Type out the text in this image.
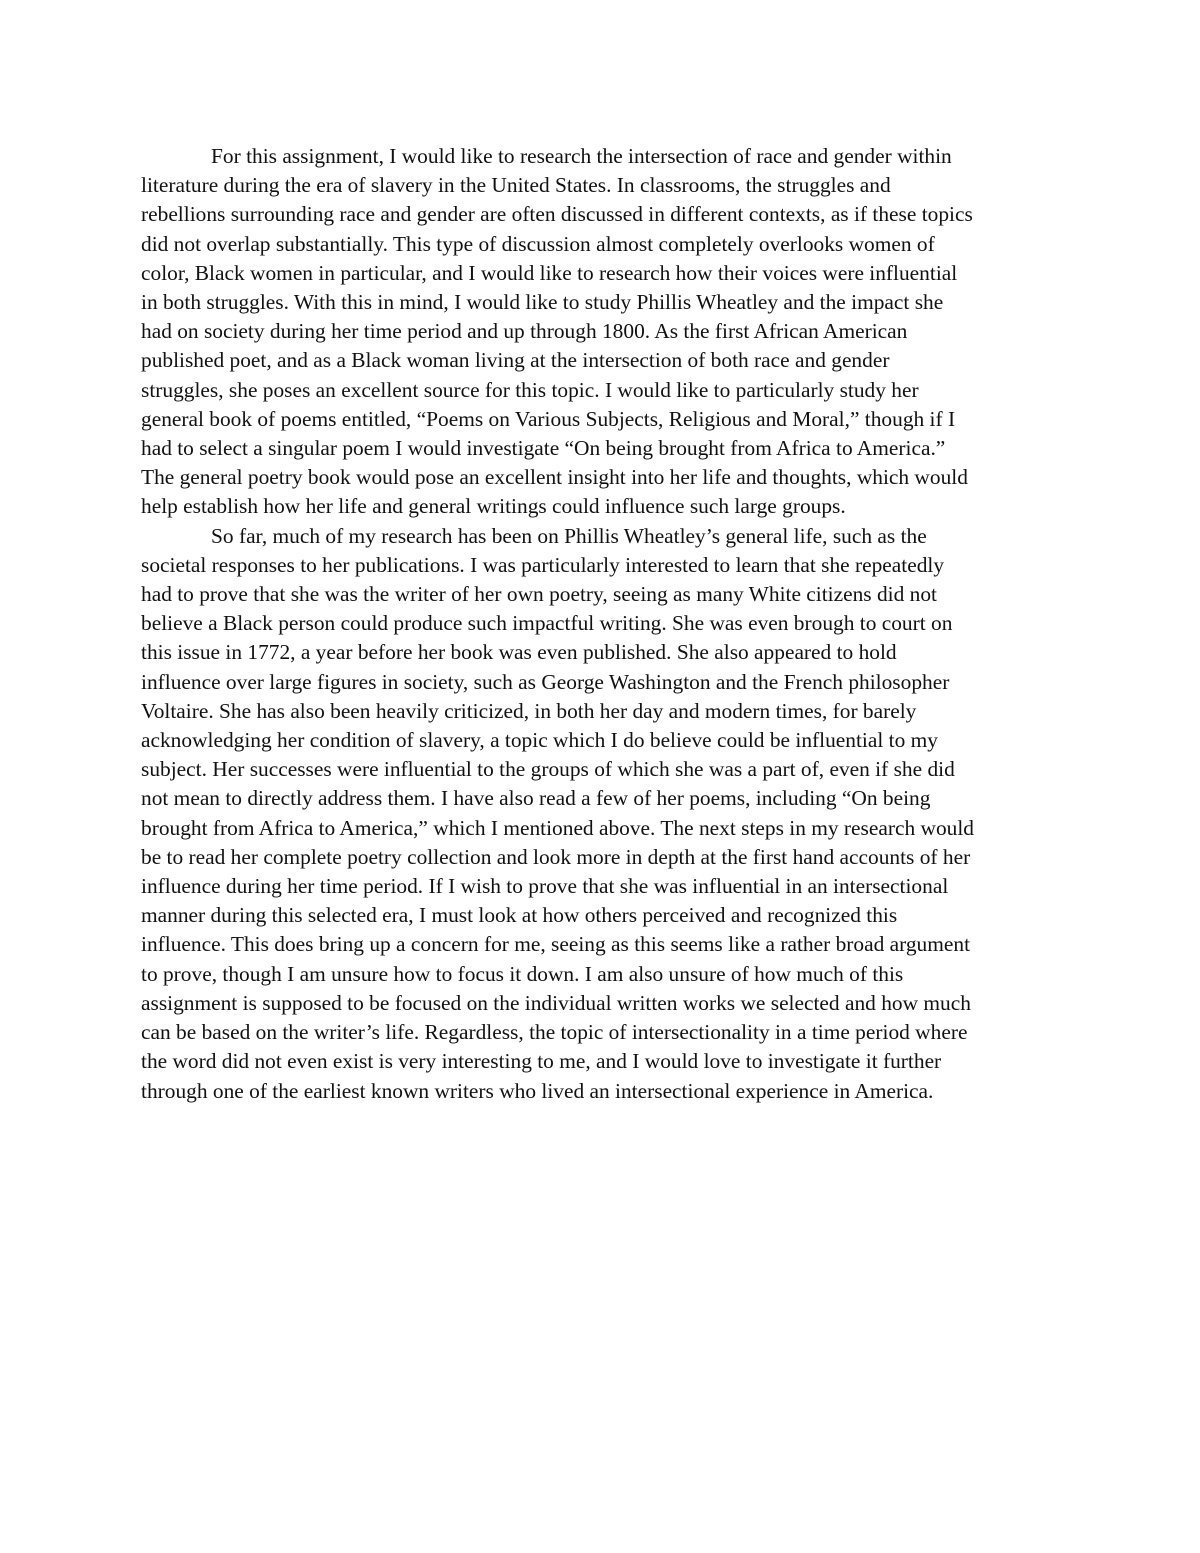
For this assignment, I would like to research the intersection of race and gender within
literature during the era of slavery in the United States. In classrooms, the struggles and
rebellions surrounding race and gender are often discussed in different contexts, as if these topics
did not overlap substantially. This type of discussion almost completely overlooks women of
color, Black women in particular, and I would like to research how their voices were influential
in both struggles. With this in mind, I would like to study Phillis Wheatley and the impact she
had on society during her time period and up through 1800. As the first African American
published poet, and as a Black woman living at the intersection of both race and gender
struggles, she poses an excellent source for this topic. I would like to particularly study her
general book of poems entitled, “Poems on Various Subjects, Religious and Moral,” though if I
had to select a singular poem I would investigate “On being brought from Africa to America.”
The general poetry book would pose an excellent insight into her life and thoughts, which would
help establish how her life and general writings could influence such large groups.
So far, much of my research has been on Phillis Wheatley’s general life, such as the
societal responses to her publications. I was particularly interested to learn that she repeatedly
had to prove that she was the writer of her own poetry, seeing as many White citizens did not
believe a Black person could produce such impactful writing. She was even brough to court on
this issue in 1772, a year before her book was even published. She also appeared to hold
influence over large figures in society, such as George Washington and the French philosopher
Voltaire. She has also been heavily criticized, in both her day and modern times, for barely
acknowledging her condition of slavery, a topic which I do believe could be influential to my
subject. Her successes were influential to the groups of which she was a part of, even if she did
not mean to directly address them. I have also read a few of her poems, including “On being
brought from Africa to America,” which I mentioned above. The next steps in my research would
be to read her complete poetry collection and look more in depth at the first hand accounts of her
influence during her time period. If I wish to prove that she was influential in an intersectional
manner during this selected era, I must look at how others perceived and recognized this
influence. This does bring up a concern for me, seeing as this seems like a rather broad argument
to prove, though I am unsure how to focus it down. I am also unsure of how much of this
assignment is supposed to be focused on the individual written works we selected and how much
can be based on the writer’s life. Regardless, the topic of intersectionality in a time period where
the word did not even exist is very interesting to me, and I would love to investigate it further
through one of the earliest known writers who lived an intersectional experience in America.
